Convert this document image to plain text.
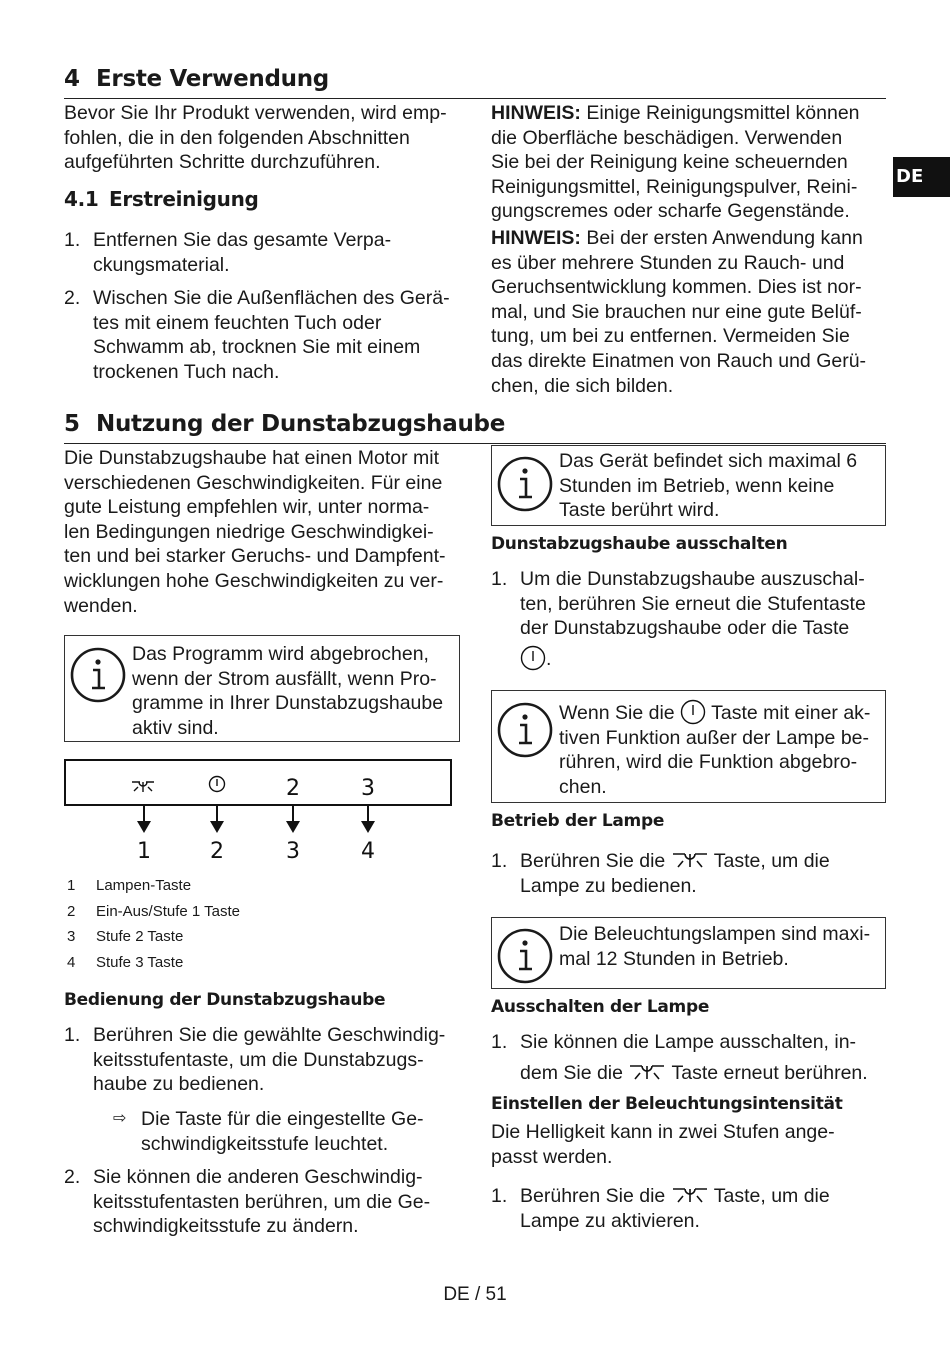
DE
4 Erste Verwendung
Bevor Sie Ihr Produkt verwenden, wird emp-
fohlen, die in den folgenden Abschnitten
aufgeführten Schritte durchzuführen.
4.1 Erstreinigung
1. Entfernen Sie das gesamte Verpa-
ckungsmaterial.
2. Wischen Sie die Außenflächen des Gerä-
tes mit einem feuchten Tuch oder
Schwamm ab, trocknen Sie mit einem
trockenen Tuch nach.
HINWEIS: Einige Reinigungsmittel können
die Oberfläche beschädigen. Verwenden
Sie bei der Reinigung keine scheuernden
Reinigungsmittel, Reinigungspulver, Reini-
gungscremes oder scharfe Gegenstände.
HINWEIS: Bei der ersten Anwendung kann
es über mehrere Stunden zu Rauch- und
Geruchsentwicklung kommen. Dies ist nor-
mal, und Sie brauchen nur eine gute Belüf-
tung, um bei zu entfernen. Vermeiden Sie
das direkte Einatmen von Rauch und Gerü-
chen, die sich bilden.
5 Nutzung der Dunstabzugshaube
Die Dunstabzugshaube hat einen Motor mit
verschiedenen Geschwindigkeiten. Für eine
gute Leistung empfehlen wir, unter norma-
len Bedingungen niedrige Geschwindigkei-
ten und bei starker Geruchs- und Dampfent-
wicklungen hohe Geschwindigkeiten zu ver-
wenden.
Das Programm wird abgebrochen,
wenn der Strom ausfällt, wenn Pro-
gramme in Ihrer Dunstabzugshaube
aktiv sind.
2	3
1	2	3	4
1 Lampen-Taste
2 Ein-Aus/Stufe 1 Taste
3 Stufe 2 Taste
4 Stufe 3 Taste
Bedienung der Dunstabzugshaube
1. Berühren Sie die gewählte Geschwindig-
keitsstufentaste, um die Dunstabzugs-
haube zu bedienen.
⇨ Die Taste für die eingestellte Ge-
schwindigkeitsstufe leuchtet.
2. Sie können die anderen Geschwindig-
keitsstufentasten berühren, um die Ge-
schwindigkeitsstufe zu ändern.
Das Gerät befindet sich maximal 6
Stunden im Betrieb, wenn keine
Taste berührt wird.
Dunstabzugshaube ausschalten
1. Um die Dunstabzugshaube auszuschal-
ten, berühren Sie erneut die Stufentaste
der Dunstabzugshaube oder die Taste
.
Wenn Sie die  Taste mit einer ak-
tiven Funktion außer der Lampe be-
rühren, wird die Funktion abgebro-
chen.
Betrieb der Lampe
1. Berühren Sie die  Taste, um die
Lampe zu bedienen.
Die Beleuchtungslampen sind maxi-
mal 12 Stunden in Betrieb.
Ausschalten der Lampe
1. Sie können die Lampe ausschalten, in-
dem Sie die  Taste erneut berühren.
Einstellen der Beleuchtungsintensität
Die Helligkeit kann in zwei Stufen ange-
passt werden.
1. Berühren Sie die  Taste, um die
Lampe zu aktivieren.
DE / 51
